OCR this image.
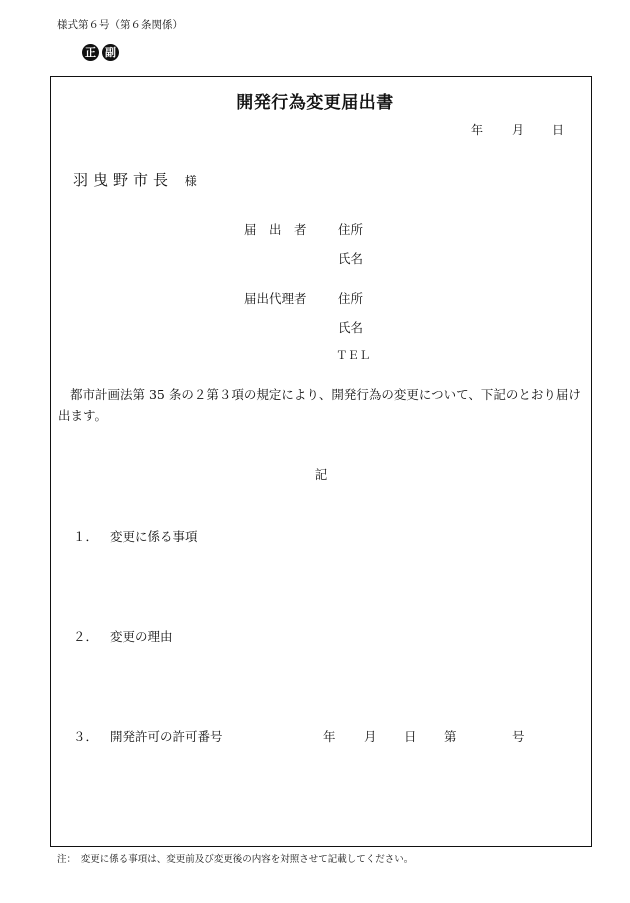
様式第６号（第６条関係）
正 副
開発行為変更届出書
年 月 日
羽曳野市長 様
届　出　者	住所
氏名
届出代理者	住所
氏名
ＴＥＬ
都市計画法第 35 条の２第３項の規定により、開発行為の変更について、下記のとおり届け出ます。
記
１． 変更に係る事項
２． 変更の理由
３． 開発許可の許可番号	年 月 日 第	号
注：　変更に係る事項は、変更前及び変更後の内容を対照させて記載してください。
